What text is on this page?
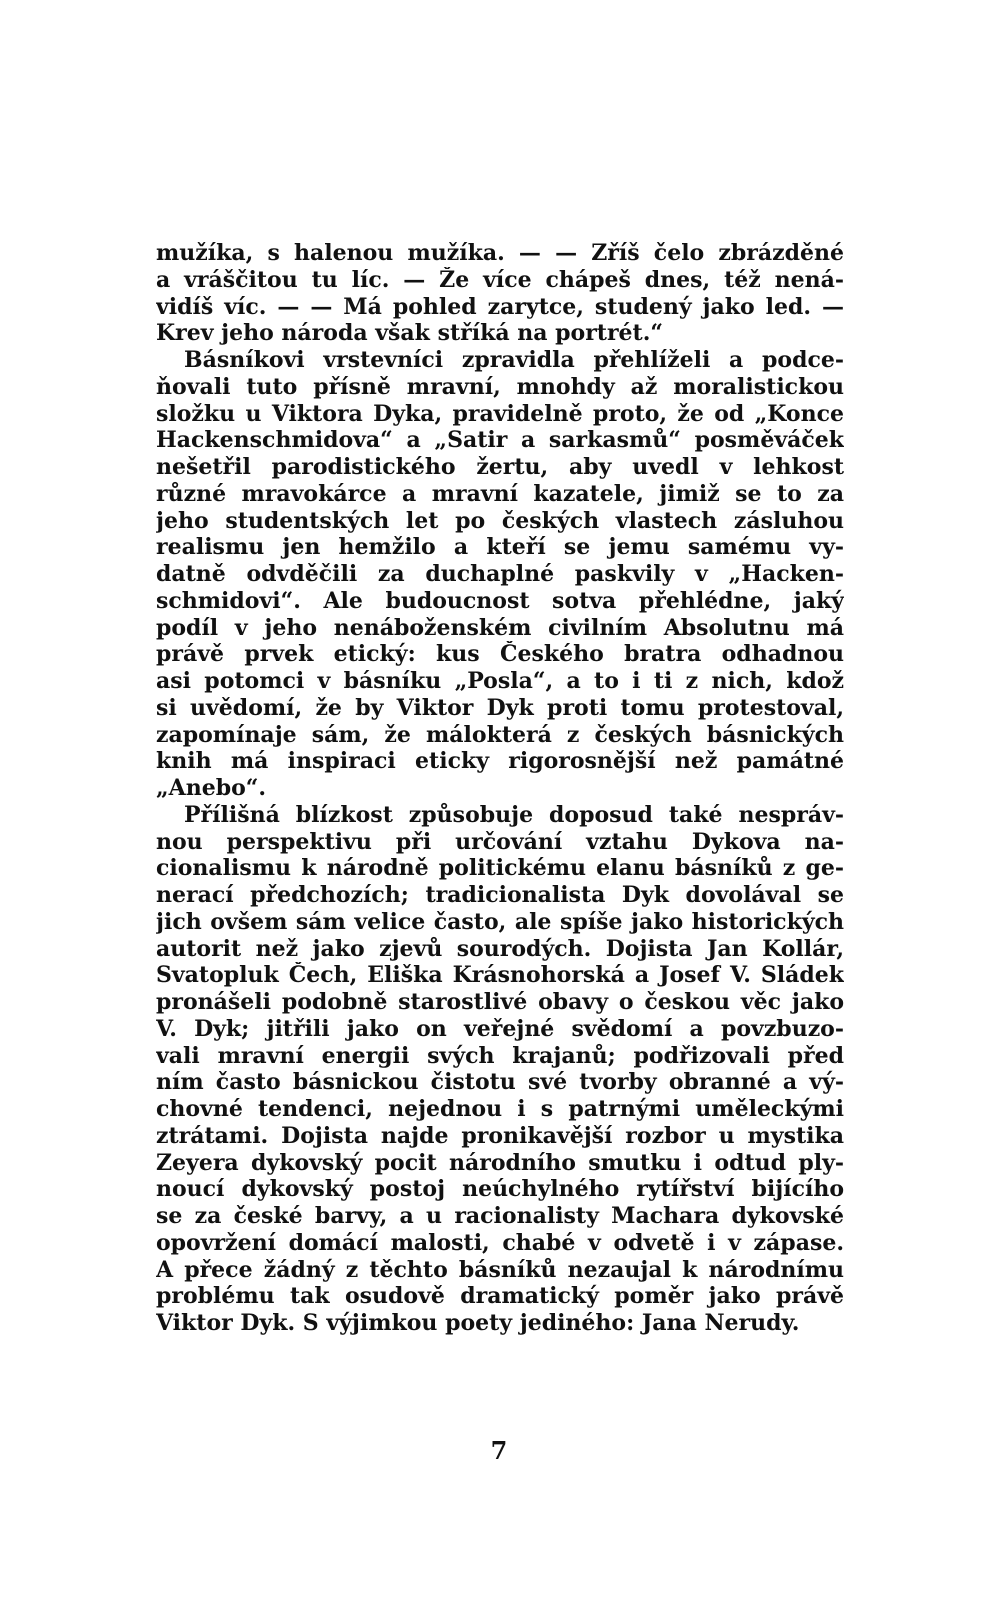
mužíka, s halenou mužíka. — — Zříš čelo zbrázděné
a vráščitou tu líc. — Že více chápeš dnes, též nená-
vidíš víc. — — Má pohled zarytce, studený jako led. —
Krev jeho národa však stříká na portrét.“
Básníkovi vrstevníci zpravidla přehlíželi a podce-
ňovali tuto přísně mravní, mnohdy až moralistickou
složku u Viktora Dyka, pravidelně proto, že od „Konce
Hackenschmidova“ a „Satir a sarkasmů“ posměváček
nešetřil parodistického žertu, aby uvedl v lehkost
různé mravokárce a mravní kazatele, jimiž se to za
jeho studentských let po českých vlastech zásluhou
realismu jen hemžilo a kteří se jemu samému vy-
datně odvděčili za duchaplné paskvily v „Hacken-
schmidovi“. Ale budoucnost sotva přehlédne, jaký
podíl v jeho nenáboženském civilním Absolutnu má
právě prvek etický: kus Českého bratra odhadnou
asi potomci v básníku „Posla“, a to i ti z nich, kdož
si uvědomí, že by Viktor Dyk proti tomu protestoval,
zapomínaje sám, že málokterá z českých básnických
knih má inspiraci eticky rigorosnější než památné
„Anebo“.
Přílišná blízkost způsobuje doposud také nespráv-
nou perspektivu při určování vztahu Dykova na-
cionalismu k národně politickému elanu básníků z ge-
nerací předchozích; tradicionalista Dyk dovolával se
jich ovšem sám velice často, ale spíše jako historických
autorit než jako zjevů sourodých. Dojista Jan Kollár,
Svatopluk Čech, Eliška Krásnohorská a Josef V. Sládek
pronášeli podobně starostlivé obavy o českou věc jako
V. Dyk; jitřili jako on veřejné svědomí a povzbuzo-
vali mravní energii svých krajanů; podřizovali před
ním často básnickou čistotu své tvorby obranné a vý-
chovné tendenci, nejednou i s patrnými uměleckými
ztrátami. Dojista najde pronikavější rozbor u mystika
Zeyera dykovský pocit národního smutku i odtud ply-
noucí dykovský postoj neúchylného rytířství bijícího
se za české barvy, a u racionalisty Machara dykovské
opovržení domácí malosti, chabé v odvetě i v zápase.
A přece žádný z těchto básníků nezaujal k národnímu
problému tak osudově dramatický poměr jako právě
Viktor Dyk. S výjimkou poety jediného: Jana Nerudy.
7
